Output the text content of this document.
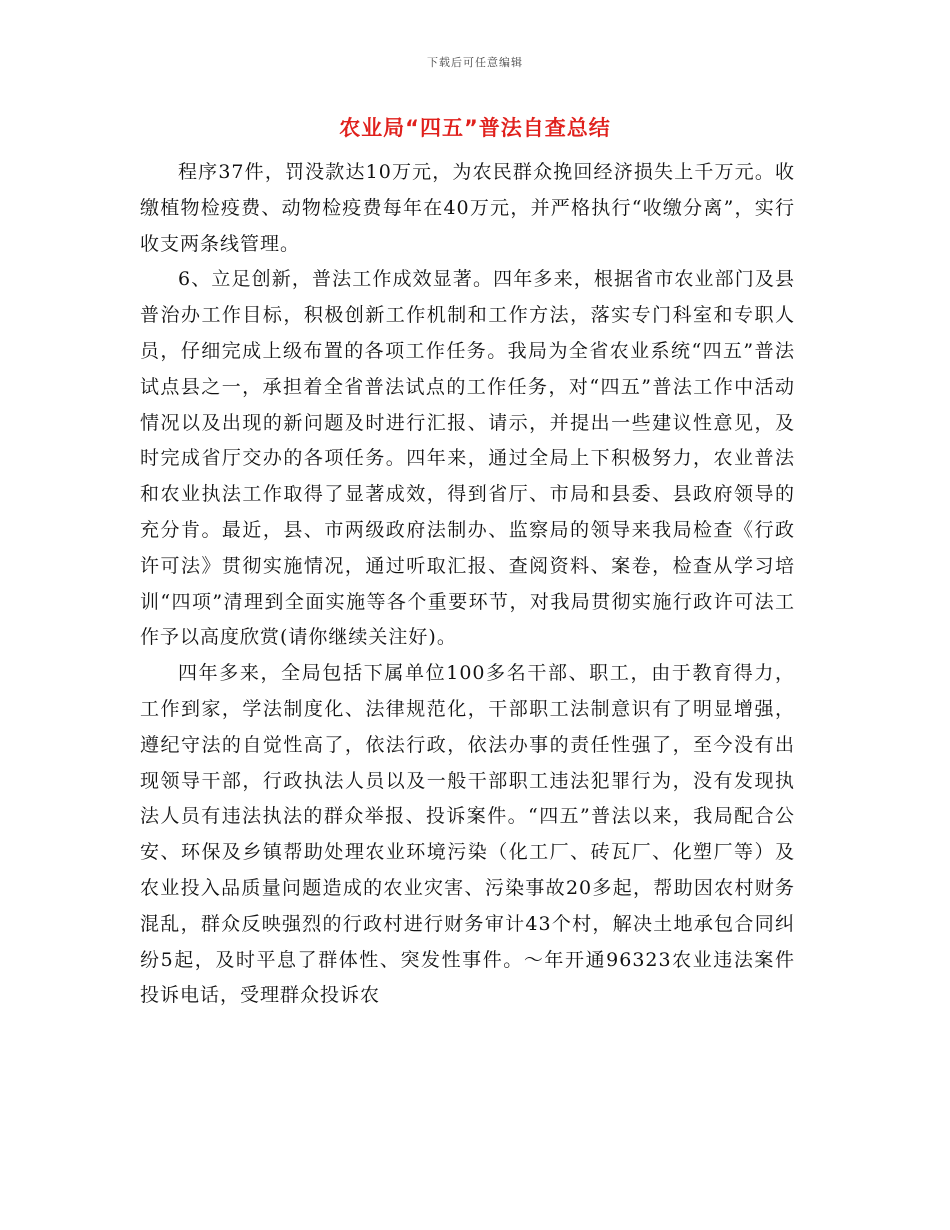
下载后可任意编辑
农业局“四五”普法自查总结

程序37件，罚没款达10万元，为农民群众挽回经济损失上千万元。收缴植物检疫费、动物检疫费每年在40万元，并严格执行“收缴分离”，实行收支两条线管理。

6、立足创新，普法工作成效显著。四年多来，根据省市农业部门及县普治办工作目标，积极创新工作机制和工作方法，落实专门科室和专职人员，仔细完成上级布置的各项工作任务。我局为全省农业系统“四五”普法试点县之一，承担着全省普法试点的工作任务，对“四五”普法工作中活动情况以及出现的新问题及时进行汇报、请示，并提出一些建议性意见，及时完成省厅交办的各项任务。四年来，通过全局上下积极努力，农业普法和农业执法工作取得了显著成效，得到省厅、市局和县委、县政府领导的充分肯。最近，县、市两级政府法制办、监察局的领导来我局检查《行政许可法》贯彻实施情况，通过听取汇报、查阅资料、案卷，检查从学习培训“四项”清理到全面实施等各个重要环节，对我局贯彻实施行政许可法工作予以高度欣赏(请你继续关注好)。

四年多来，全局包括下属单位100多名干部、职工，由于教育得力，工作到家，学法制度化、法律规范化，干部职工法制意识有了明显增强，遵纪守法的自觉性高了，依法行政，依法办事的责任性强了，至今没有出现领导干部，行政执法人员以及一般干部职工违法犯罪行为，没有发现执法人员有违法执法的群众举报、投诉案件。“四五”普法以来，我局配合公安、环保及乡镇帮助处理农业环境污染（化工厂、砖瓦厂、化塑厂等）及农业投入品质量问题造成的农业灾害、污染事故20多起，帮助因农村财务混乱，群众反映强烈的行政村进行财务审计43个村，解决土地承包合同纠纷5起，及时平息了群体性、突发性事件。～年开通96323农业违法案件投诉电话，受理群众投诉农
